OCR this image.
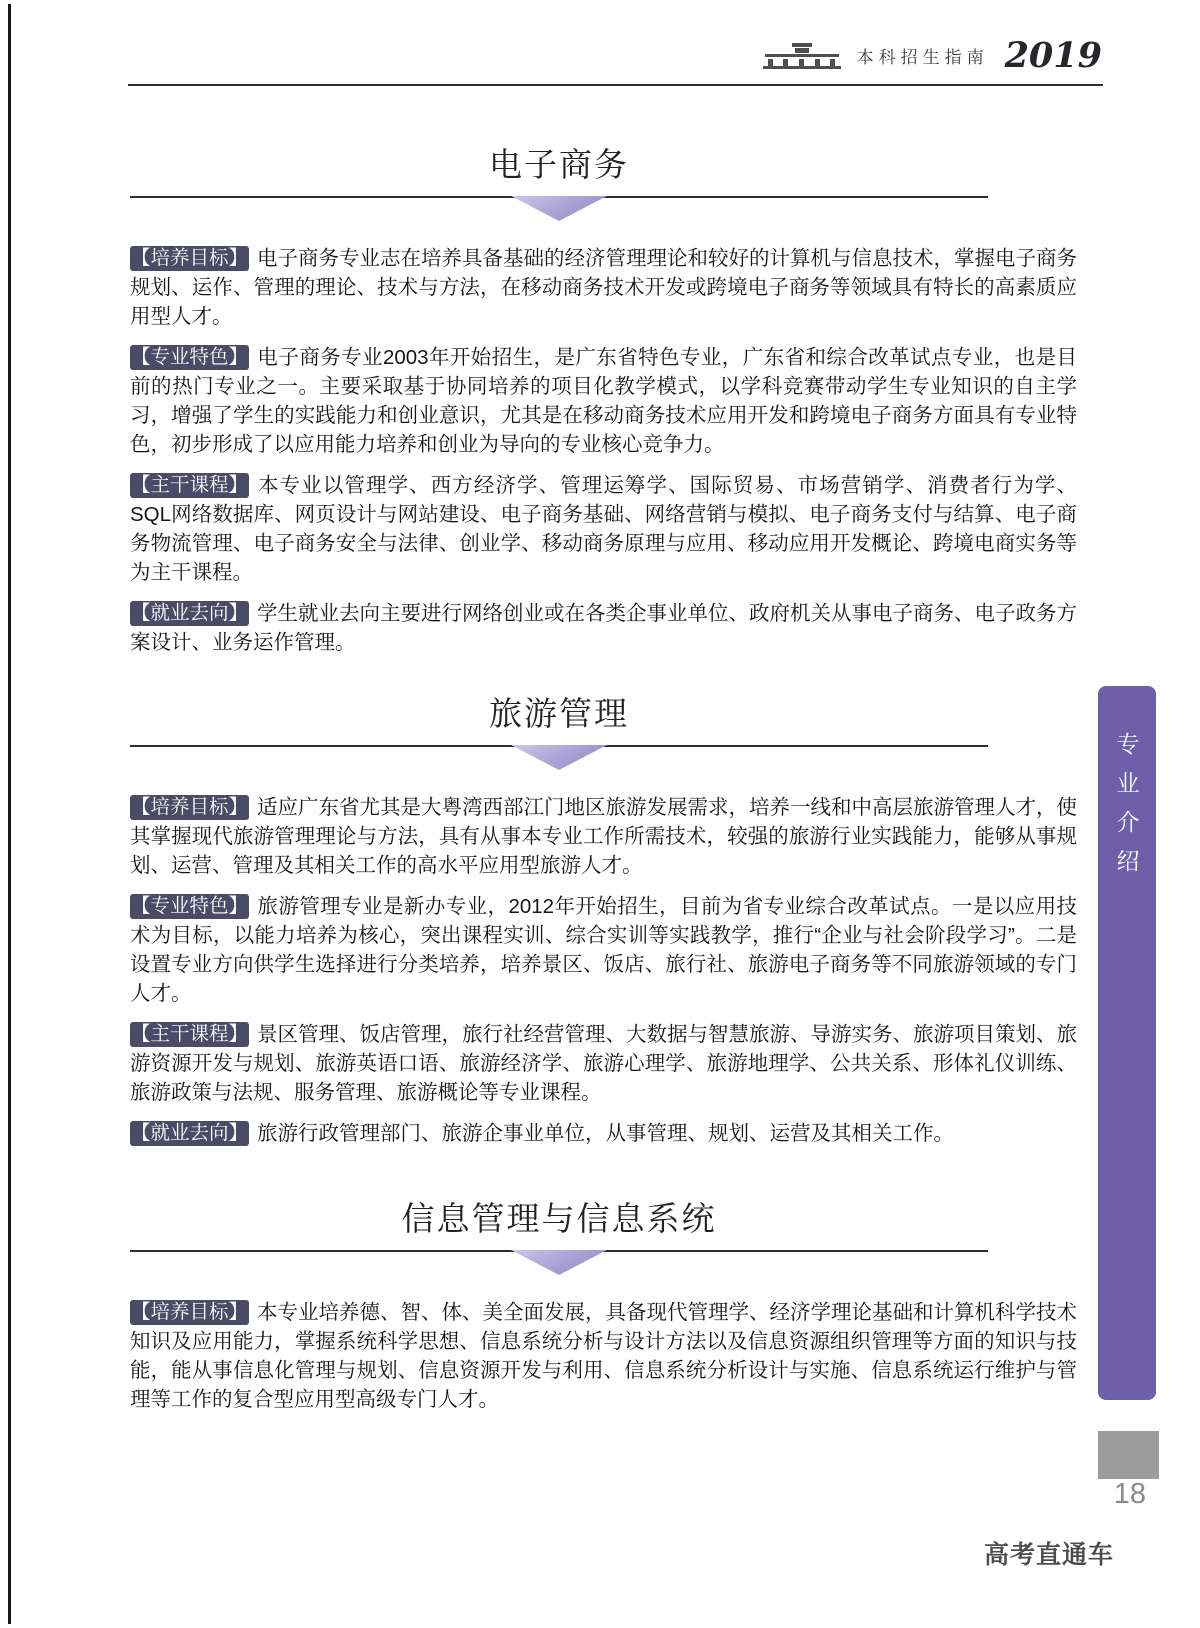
本科招生指南 2019
电子商务

【培养目标】 电子商务专业志在培养具备基础的经济管理理论和较好的计算机与信息技术，掌握电子商务规划、运作、管理的理论、技术与方法，在移动商务技术开发或跨境电子商务等领域具有特长的高素质应用型人才。

【专业特色】 电子商务专业2003年开始招生，是广东省特色专业，广东省和综合改革试点专业，也是目前的热门专业之一。主要采取基于协同培养的项目化教学模式，以学科竞赛带动学生专业知识的自主学习，增强了学生的实践能力和创业意识，尤其是在移动商务技术应用开发和跨境电子商务方面具有专业特色，初步形成了以应用能力培养和创业为导向的专业核心竞争力。

【主干课程】 本专业以管理学、西方经济学、管理运筹学、国际贸易、市场营销学、消费者行为学、SQL网络数据库、网页设计与网站建设、电子商务基础、网络营销与模拟、电子商务支付与结算、电子商务物流管理、电子商务安全与法律、创业学、移动商务原理与应用、移动应用开发概论、跨境电商实务等为主干课程。

【就业去向】 学生就业去向主要进行网络创业或在各类企事业单位、政府机关从事电子商务、电子政务方案设计、业务运作管理。

旅游管理

【培养目标】 适应广东省尤其是大粤湾西部江门地区旅游发展需求，培养一线和中高层旅游管理人才，使其掌握现代旅游管理理论与方法，具有从事本专业工作所需技术，较强的旅游行业实践能力，能够从事规划、运营、管理及其相关工作的高水平应用型旅游人才。

【专业特色】 旅游管理专业是新办专业，2012年开始招生，目前为省专业综合改革试点。一是以应用技术为目标，以能力培养为核心，突出课程实训、综合实训等实践教学，推行“企业与社会阶段学习”。二是设置专业方向供学生选择进行分类培养，培养景区、饭店、旅行社、旅游电子商务等不同旅游领域的专门人才。

【主干课程】 景区管理、饭店管理，旅行社经营管理、大数据与智慧旅游、导游实务、旅游项目策划、旅游资源开发与规划、旅游英语口语、旅游经济学、旅游心理学、旅游地理学、公共关系、形体礼仪训练、旅游政策与法规、服务管理、旅游概论等专业课程。

【就业去向】 旅游行政管理部门、旅游企事业单位，从事管理、规划、运营及其相关工作。

信息管理与信息系统

【培养目标】 本专业培养德、智、体、美全面发展，具备现代管理学、经济学理论基础和计算机科学技术知识及应用能力，掌握系统科学思想、信息系统分析与设计方法以及信息资源组织管理等方面的知识与技能，能从事信息化管理与规划、信息资源开发与利用、信息系统分析设计与实施、信息系统运行维护与管理等工作的复合型应用型高级专门人才。

专业介绍
18
高考直通车
